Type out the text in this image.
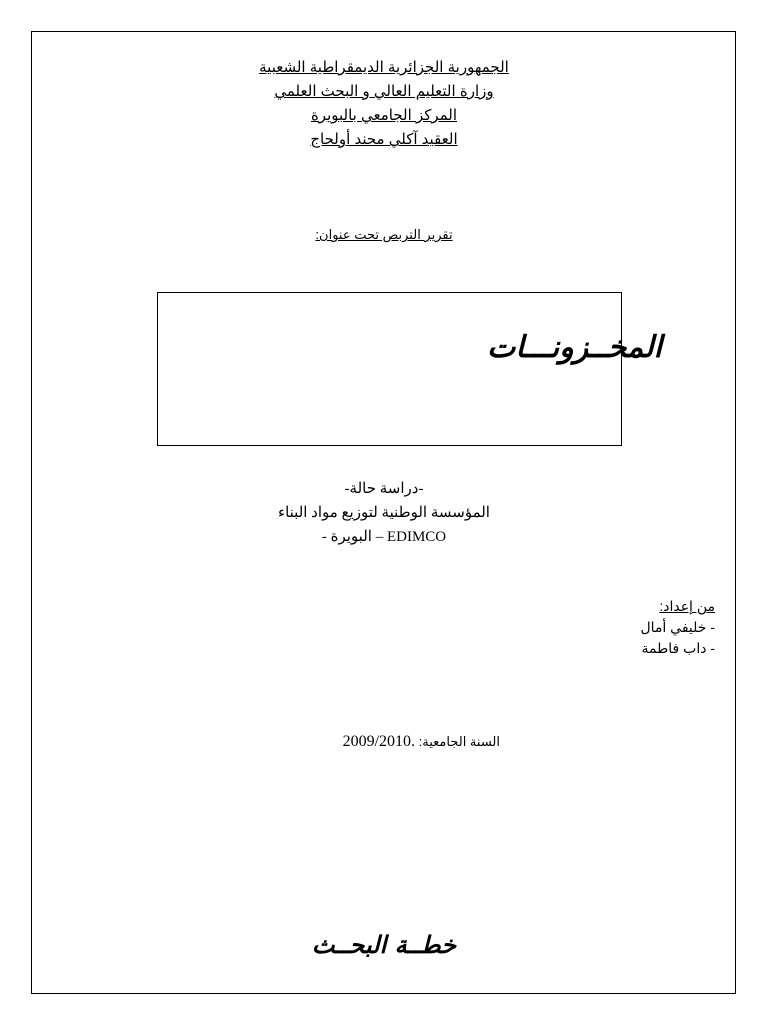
الجمهورية الجزائرية الديمقراطية الشعبية
وزارة التعليم العالي و البحث العلمي
المركز الجامعي بالبويرة
العقيد آكلي محند أولحاج
تقرير التربص تحت عنوان:
المخــزونـــات
-دراسة حالة-
المؤسسة الوطنية لتوزيع مواد البناء
EDIMCO – البويرة -
من إعداد:
- خليفي أمال
- داب فاطمة
السنة الجامعية: 2009/2010.
خطــة البحــث
